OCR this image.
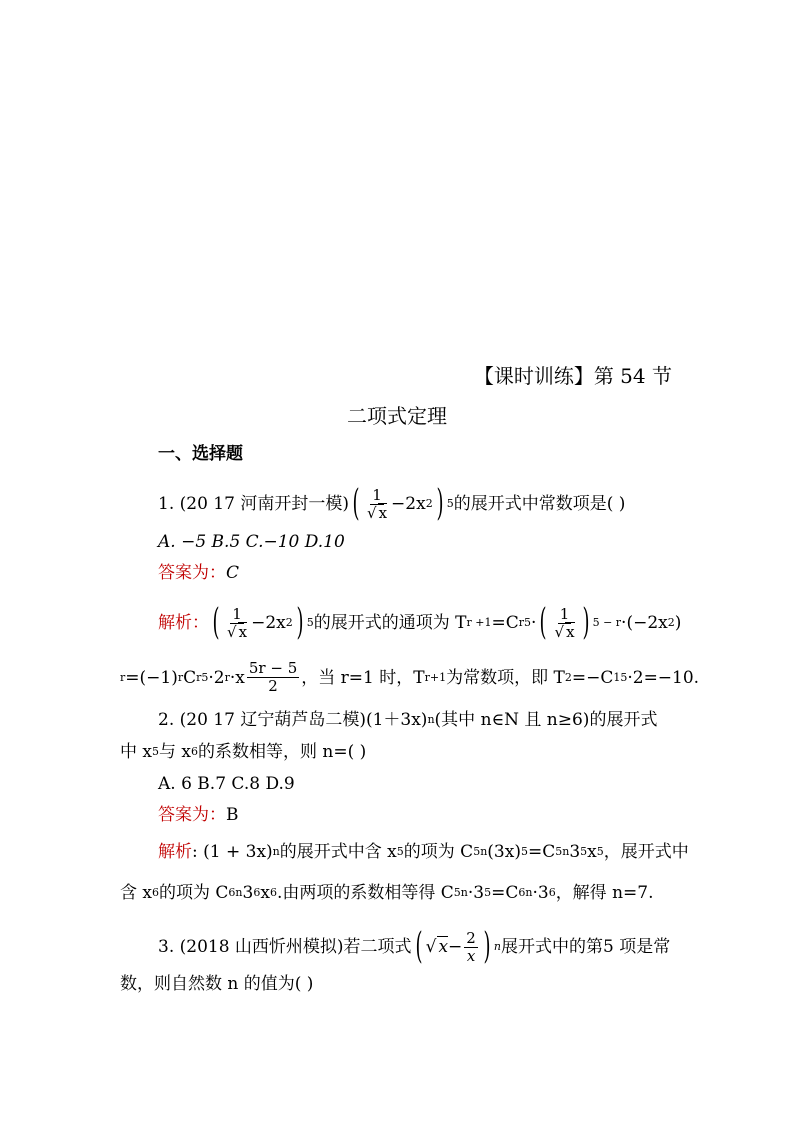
【课时训练】第 54 节
二项式定理
一、选择题
1. (20 17 河南开封一模) ( $\frac{1}{√ x} -2x$ 2 ) 5 的展开式中常数项是( )
A. −5 B.5 C.−10 D.10
答案为： C
解析： ( $\frac{1}{√ x} -2x$ 2 ) 5 的展开式的通项为 T r +1 =C r 5 · ( $\frac{1}{√ x}$ ) 5 − r ·(−2x 2 )
r =(−1) r C r 5 ·2 $r \cdot x \frac{5r - 5}{2}$ ，当 r=1 时，T r+1 为常数项，即 T 2 =−C 1 5 ·2=−10.
2. (20 17 辽宁葫芦岛二模)(1＋3x) n (其中 n∈N 且 n≥6)的展开式
中 x 5 与 x 6 的系数相等，则 n=( )
A. 6 B.7 C.8 D.9
答案为： B
解析 : (1 + 3x) n 的展开式中含 x 5 的项为 C 5 n (3x) 5 =C 5 n 3 5 x 5 ，展开式中
含 x 6 的项为 C 6 n 3 6 x 6 .由两项的系数相等得 C 5 n ·3 5 =C 6 n ·3 6 ，解得 n=7.
3. (2018 山西忻州模拟)若二项式 ( √ $x- \frac{2}{x}$ ) n 展开式中的第5 项是常
数，则自然数 n 的值为( )
